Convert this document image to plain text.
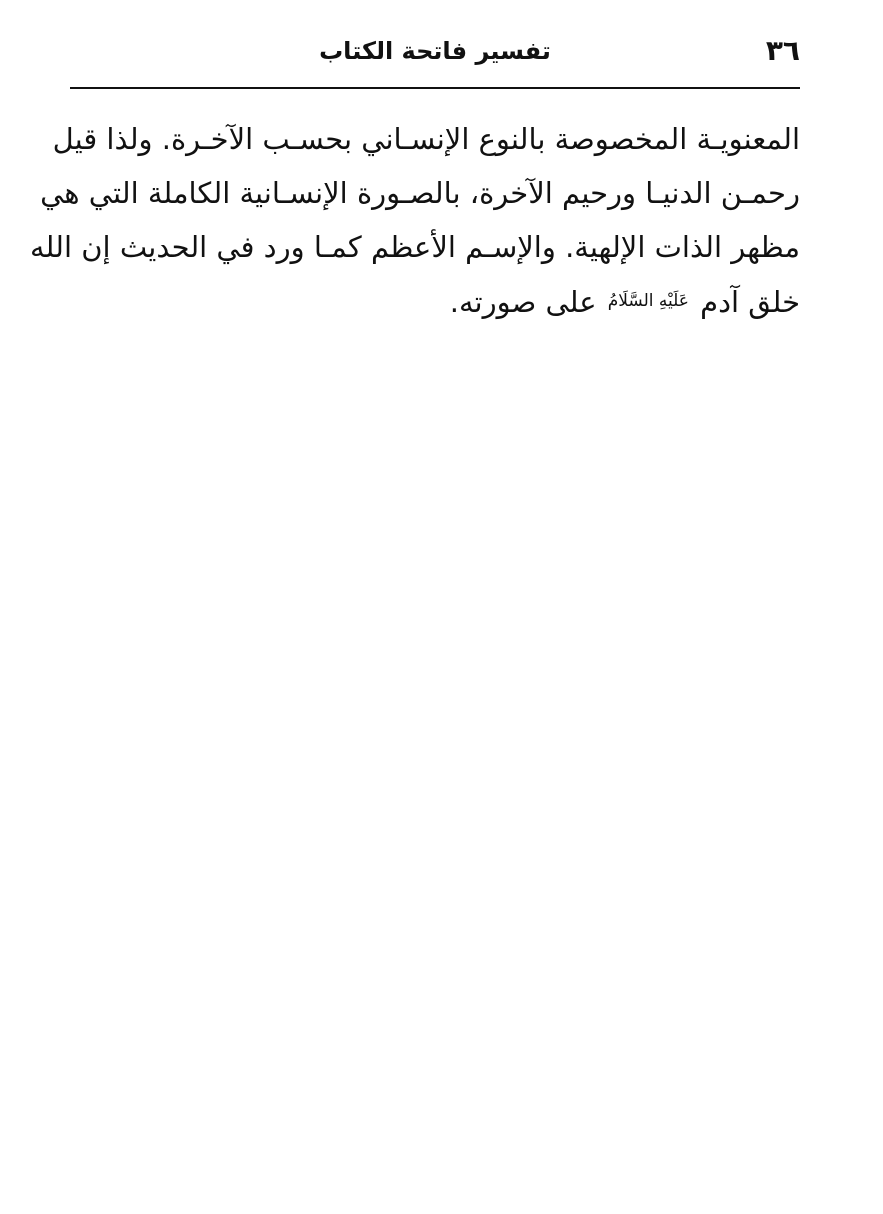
٣٦
تفسير فاتحة الكتاب
المعنويـة المخصوصة بالنوع الإنسـاني بحسـب الآخـرة. ولذا قيل
رحمـن الدنيـا ورحيم الآخرة، بالصـورة الإنسـانية الكاملة التي هي
مظهر الذات الإلهية. والإسـم الأعظم كمـا ورد في الحديث إن الله
خلق آدم $^{عَلَيْهِ السَّلَامُ}$ على صورته.
